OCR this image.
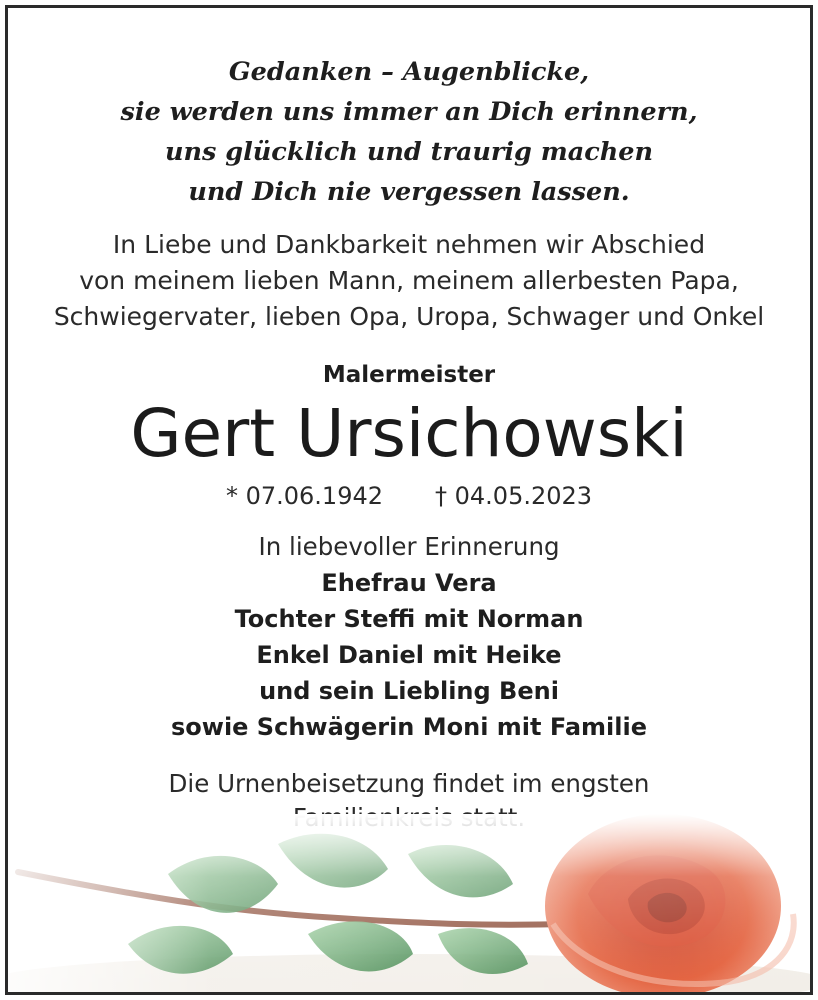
Gedanken – Augenblicke,
sie werden uns immer an Dich erinnern,
uns glücklich und traurig machen
und Dich nie vergessen lassen.
In Liebe und Dankbarkeit nehmen wir Abschied
von meinem lieben Mann, meinem allerbesten Papa,
Schwiegervater, lieben Opa, Uropa, Schwager und Onkel
Malermeister
Gert Ursichowski
* 07.06.1942 † 04.05.2023
In liebevoller Erinnerung
Ehefrau Vera
Tochter Steffi mit Norman
Enkel Daniel mit Heike
und sein Liebling Beni
sowie Schwägerin Moni mit Familie
Die Urnenbeisetzung findet im engsten
